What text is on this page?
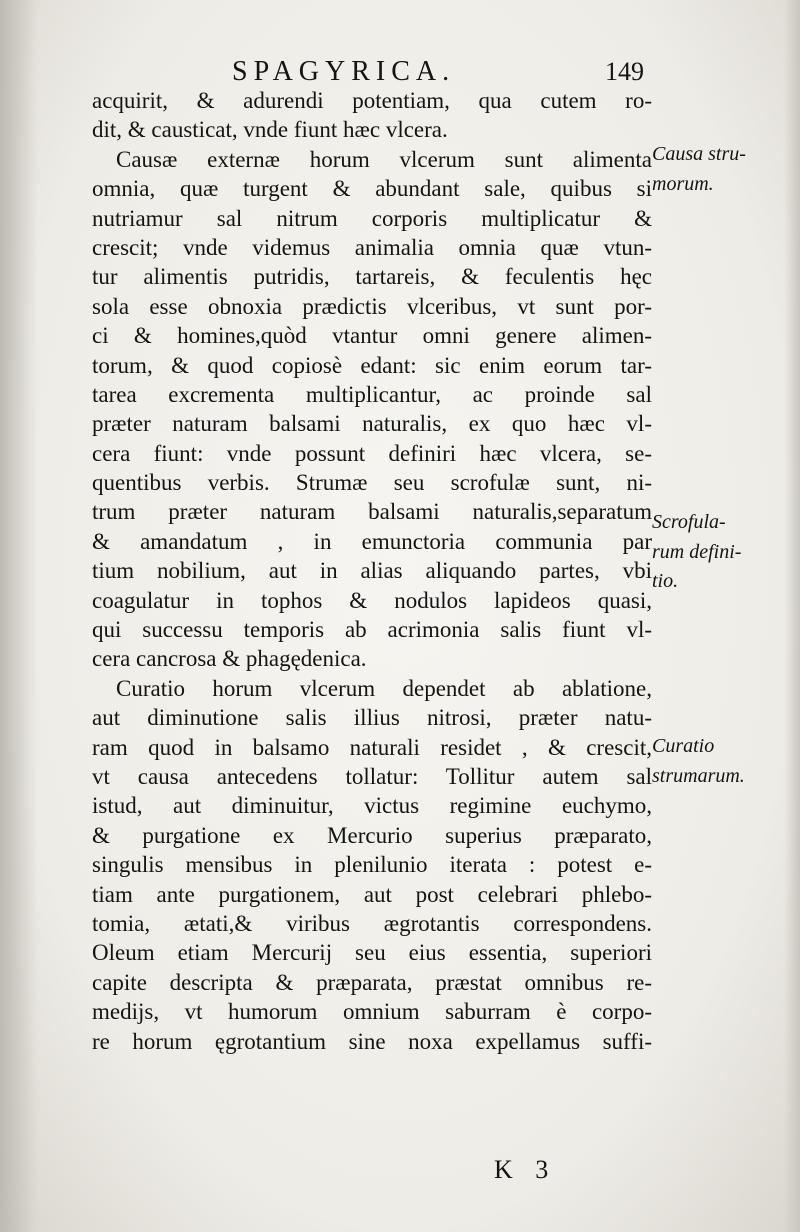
SPAGYRICA.	149
acquirit, & adurendi potentiam, qua cutem ro-
dit, & causticat, vnde fiunt hæc vlcera.
Causæ externæ horum vlcerum sunt alimenta
omnia, quæ turgent & abundant sale, quibus si
nutriamur sal nitrum corporis multiplicatur &
crescit; vnde videmus animalia omnia quæ vtun-
tur alimentis putridis, tartareis, & feculentis hęc
sola esse obnoxia prædictis vlceribus, vt sunt por-
ci & homines,quòd vtantur omni genere alimen-
torum, & quod copiosè edant: sic enim eorum tar-
tarea excrementa multiplicantur, ac proinde sal
præter naturam balsami naturalis, ex quo hæc vl-
cera fiunt: vnde possunt definiri hæc vlcera, se-
quentibus verbis. Strumæ seu scrofulæ sunt, ni-
trum præter naturam balsami naturalis,separatum
& amandatum , in emunctoria communia par
tium nobilium, aut in alias aliquando partes, vbi
coagulatur in tophos & nodulos lapideos quasi,
qui successu temporis ab acrimonia salis fiunt vl-
cera cancrosa & phagędenica.
Curatio horum vlcerum dependet ab ablatione,
aut diminutione salis illius nitrosi, præter natu-
ram quod in balsamo naturali residet , & crescit,
vt causa antecedens tollatur: Tollitur autem sal
istud, aut diminuitur, victus regimine euchymo,
& purgatione ex Mercurio superius præparato,
singulis mensibus in plenilunio iterata : potest e-
tiam ante purgationem, aut post celebrari phlebo-
tomia, ætati,& viribus ægrotantis correspondens.
Oleum etiam Mercurij seu eius essentia, superiori
capite descripta & præparata, præstat omnibus re-
medijs, vt humorum omnium saburram è corpo-
re horum ęgrotantium sine noxa expellamus suffi-
Causa stru-
morum.
Scrofula-
rum defini-
tio.
Curatio
strumarum.
K 3
